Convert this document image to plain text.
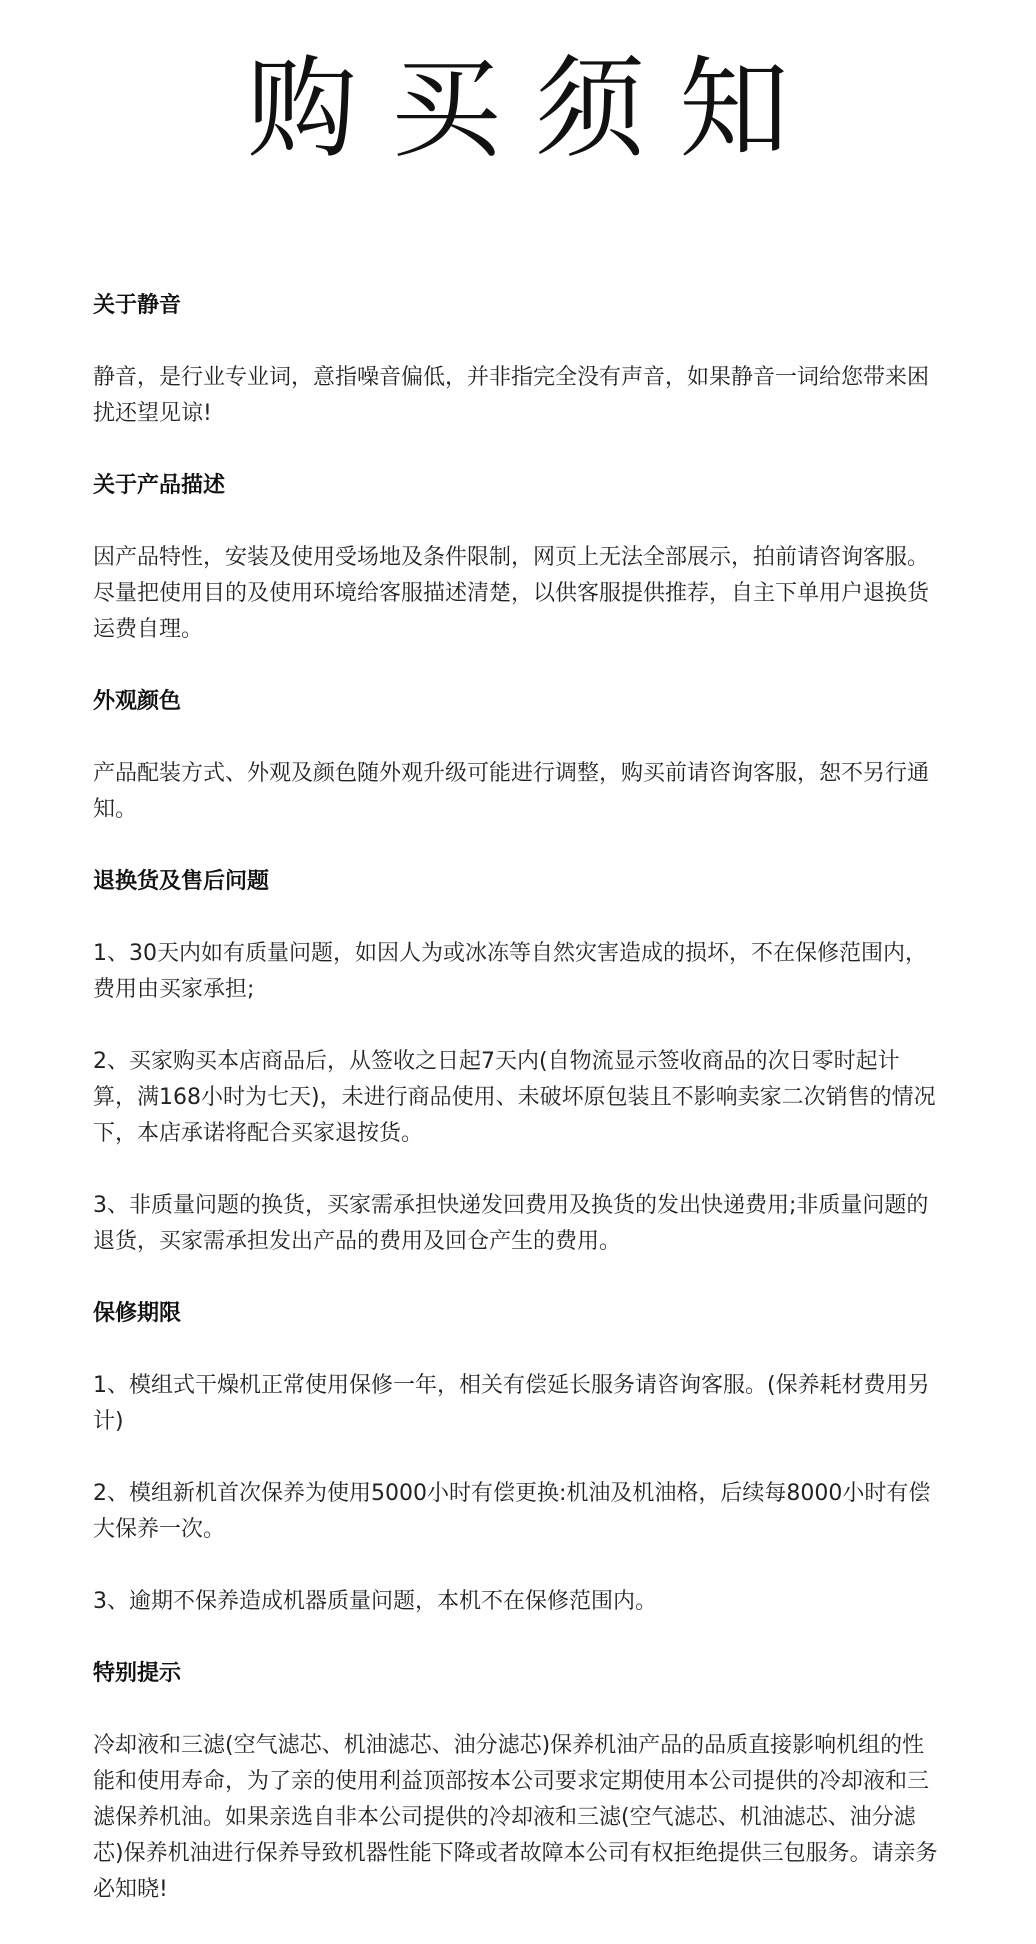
购买须知
关于静音
静音，是行业专业词，意指噪音偏低，并非指完全没有声音，如果静音一词给您带来困扰还望见谅!
关于产品描述
因产品特性，安装及使用受场地及条件限制，网页上无法全部展示，拍前请咨询客服。尽量把使用目的及使用环境给客服描述清楚，以供客服提供推荐，自主下单用户退换货运费自理。
外观颜色
产品配装方式、外观及颜色随外观升级可能进行调整，购买前请咨询客服，恕不另行通知。
退换货及售后问题
1、30天内如有质量问题，如因人为或冰冻等自然灾害造成的损坏，不在保修范围内，费用由买家承担;
2、买家购买本店商品后，从签收之日起7天内(自物流显示签收商品的次日零时起计算，满168小时为七天)，未进行商品使用、未破坏原包装且不影响卖家二次销售的情况下，本店承诺将配合买家退按货。
3、非质量问题的换货，买家需承担快递发回费用及换货的发出快递费用;非质量问题的退货，买家需承担发出产品的费用及回仓产生的费用。
保修期限
1、模组式干燥机正常使用保修一年，相关有偿延长服务请咨询客服。(保养耗材费用另计)
2、模组新机首次保养为使用5000小时有偿更换:机油及机油格，后续每8000小时有偿大保养一次。
3、逾期不保养造成机器质量问题，本机不在保修范围内。
特别提示
冷却液和三滤(空气滤芯、机油滤芯、油分滤芯)保养机油产品的品质直接影响机组的性能和使用寿命，为了亲的使用利益顶部按本公司要求定期使用本公司提供的冷却液和三滤保养机油。如果亲选自非本公司提供的冷却液和三滤(空气滤芯、机油滤芯、油分滤芯)保养机油进行保养导致机器性能下降或者故障本公司有权拒绝提供三包服务。请亲务必知晓!
